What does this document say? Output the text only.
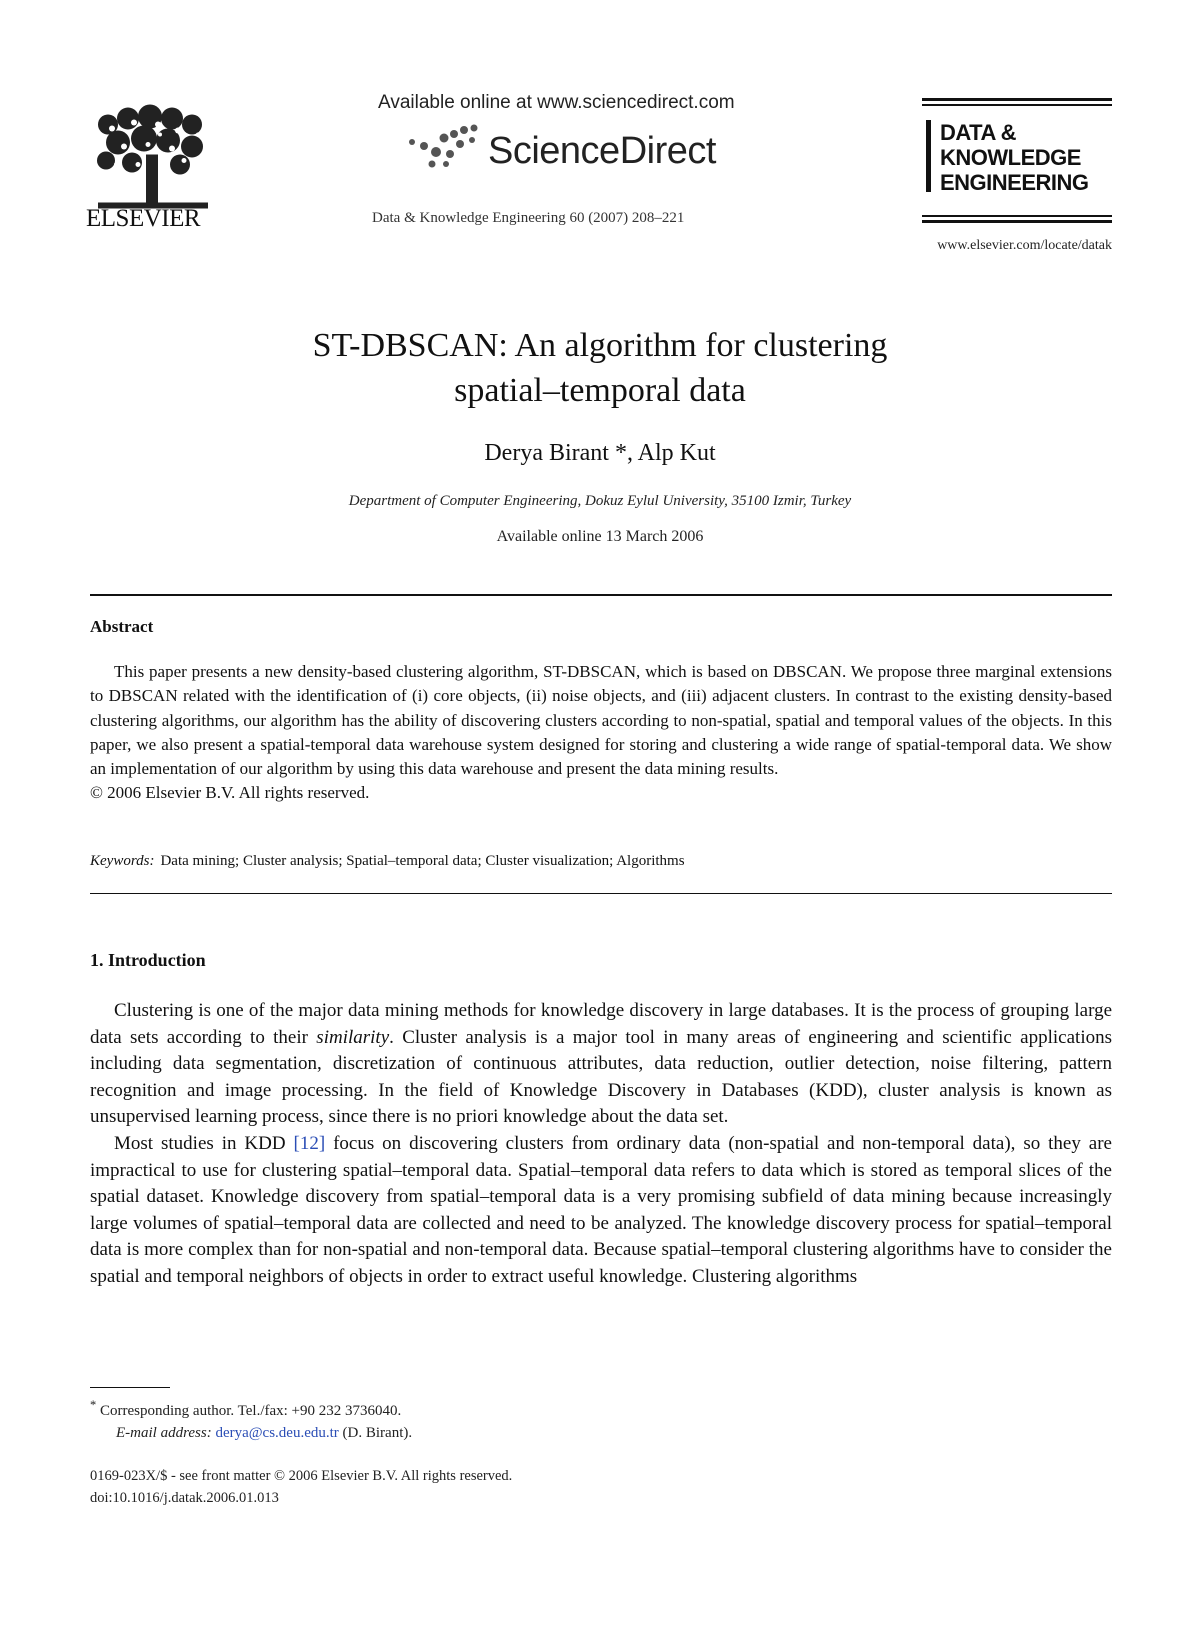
ELSEVIER
Available online at www.sciencedirect.com
ScienceDirect
Data & Knowledge Engineering 60 (2007) 208–221
DATA &
KNOWLEDGE
ENGINEERING
www.elsevier.com/locate/datak
ST-DBSCAN: An algorithm for clustering
spatial–temporal data
Derya Birant *, Alp Kut
Department of Computer Engineering, Dokuz Eylul University, 35100 Izmir, Turkey
Available online 13 March 2006
Abstract

This paper presents a new density-based clustering algorithm, ST-DBSCAN, which is based on DBSCAN. We propose three marginal extensions to DBSCAN related with the identification of (i) core objects, (ii) noise objects, and (iii) adjacent clusters. In contrast to the existing density-based clustering algorithms, our algorithm has the ability of discovering clusters according to non-spatial, spatial and temporal values of the objects. In this paper, we also present a spatial-temporal data warehouse system designed for storing and clustering a wide range of spatial-temporal data. We show an implementation of our algorithm by using this data warehouse and present the data mining results.

© 2006 Elsevier B.V. All rights reserved.

Keywords: Data mining; Cluster analysis; Spatial–temporal data; Cluster visualization; Algorithms
1. Introduction

Clustering is one of the major data mining methods for knowledge discovery in large databases. It is the process of grouping large data sets according to their similarity. Cluster analysis is a major tool in many areas of engineering and scientific applications including data segmentation, discretization of continuous attributes, data reduction, outlier detection, noise filtering, pattern recognition and image processing. In the field of Knowledge Discovery in Databases (KDD), cluster analysis is known as unsupervised learning process, since there is no priori knowledge about the data set.

Most studies in KDD [12] focus on discovering clusters from ordinary data (non-spatial and non-temporal data), so they are impractical to use for clustering spatial–temporal data. Spatial–temporal data refers to data which is stored as temporal slices of the spatial dataset. Knowledge discovery from spatial–temporal data is a very promising subfield of data mining because increasingly large volumes of spatial–temporal data are collected and need to be analyzed. The knowledge discovery process for spatial–temporal data is more complex than for non-spatial and non-temporal data. Because spatial–temporal clustering algorithms have to consider the spatial and temporal neighbors of objects in order to extract useful knowledge. Clustering algorithms

* Corresponding author. Tel./fax: +90 232 3736040.
E-mail address: derya@cs.deu.edu.tr (D. Birant).
0169-023X/$ - see front matter © 2006 Elsevier B.V. All rights reserved.
doi:10.1016/j.datak.2006.01.013
